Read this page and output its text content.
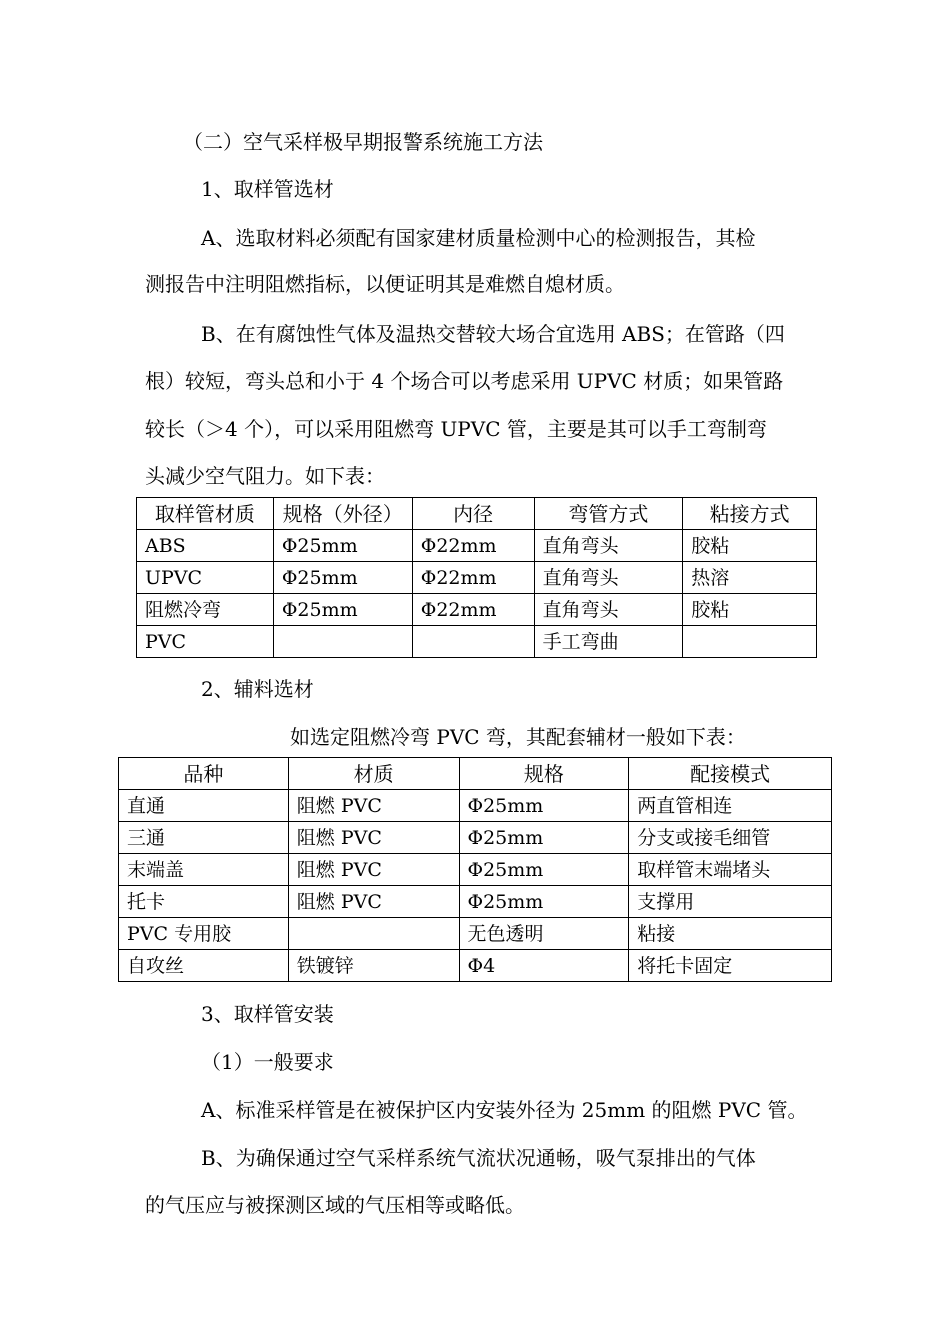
（二）空气采样极早期报警系统施工方法

1、取样管选材

A、选取材料必须配有国家建材质量检测中心的检测报告，其检

测报告中注明阻燃指标，以便证明其是难燃自熄材质。

B、在有腐蚀性气体及温热交替较大场合宜选用 ABS；在管路（四

根）较短，弯头总和小于 4 个场合可以考虑采用 UPVC 材质；如果管路

较长（＞4 个），可以采用阻燃弯 UPVC 管，主要是其可以手工弯制弯

头减少空气阻力。如下表：

取样管材质	规格（外径）	内径	弯管方式	粘接方式
ABS	Φ25mm	Φ22mm	直角弯头	胶粘
UPVC	Φ25mm	Φ22mm	直角弯头	热溶
阻燃冷弯	Φ25mm	Φ22mm	直角弯头	胶粘
PVC			手工弯曲	

2、辅料选材

如选定阻燃冷弯 PVC 弯，其配套辅材一般如下表：

品种	材质	规格	配接模式
直通	阻燃 PVC	Φ25mm	两直管相连
三通	阻燃 PVC	Φ25mm	分支或接毛细管
末端盖	阻燃 PVC	Φ25mm	取样管末端堵头
托卡	阻燃 PVC	Φ25mm	支撑用
PVC 专用胶		无色透明	粘接
自攻丝	铁镀锌	Φ4	将托卡固定

3、取样管安装

（1）一般要求

A、标准采样管是在被保护区内安装外径为 25mm 的阻燃 PVC 管。

B、为确保通过空气采样系统气流状况通畅，吸气泵排出的气体

的气压应与被探测区域的气压相等或略低。
